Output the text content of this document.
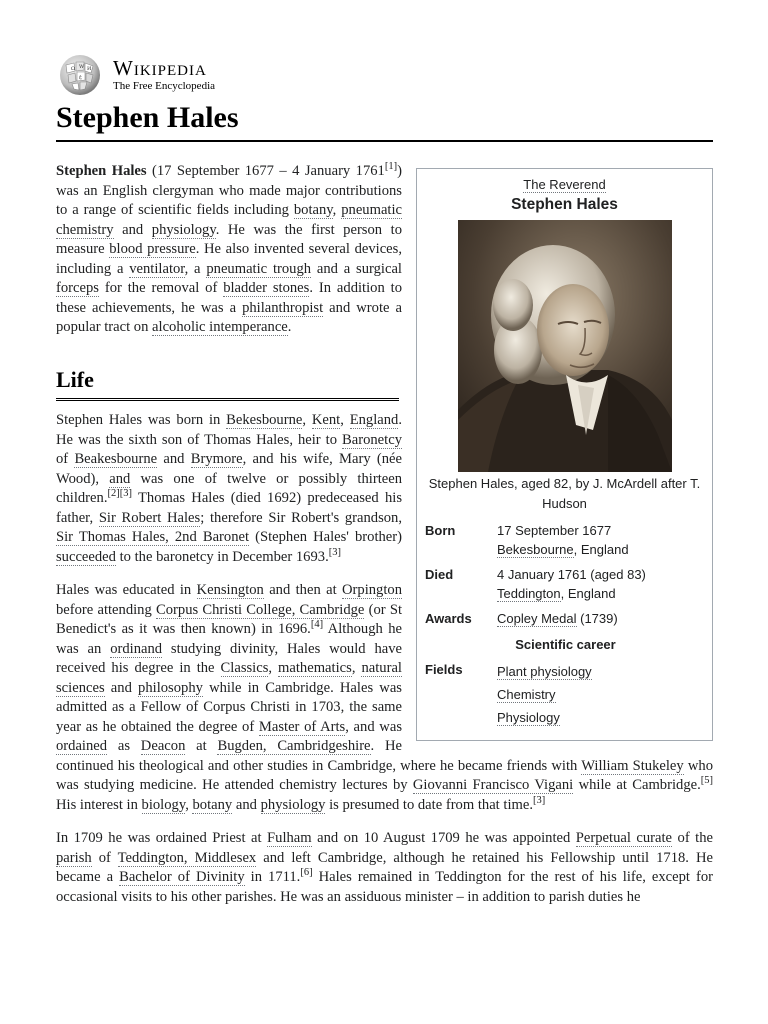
Ω W И
ع Wikipedia
The Free Encyclopedia
Stephen Hales
The Reverend
Stephen Hales
Stephen Hales, aged 82, by J. McArdell after T. Hudson
Born	17 September 1677
Bekesbourne, England

Died	4 January 1761 (aged 83)
Teddington, England

Awards	Copley Medal (1739)
Scientific career	
Fields	Plant physiology
Chemistry
Physiology

Stephen Hales (17 September 1677 – 4 January 1761[1]) was an English clergyman who made major contributions to a range of scientific fields including botany, pneumatic chemistry and physiology. He was the first person to measure blood pressure. He also invented several devices, including a ventilator, a pneumatic trough and a surgical forceps for the removal of bladder stones. In addition to these achievements, he was a philanthropist and wrote a popular tract on alcoholic intemperance.

Life

Stephen Hales was born in Bekesbourne, Kent, England. He was the sixth son of Thomas Hales, heir to Baronetcy of Beakesbourne and Brymore, and his wife, Mary (née Wood), and was one of twelve or possibly thirteen children.[2][3] Thomas Hales (died 1692) predeceased his father, Sir Robert Hales; therefore Sir Robert's grandson, Sir Thomas Hales, 2nd Baronet (Stephen Hales' brother) succeeded to the baronetcy in December 1693.[3]

Hales was educated in Kensington and then at Orpington before attending Corpus Christi College, Cambridge (or St Benedict's as it was then known) in 1696.[4] Although he was an ordinand studying divinity, Hales would have received his degree in the Classics, mathematics, natural sciences and philosophy while in Cambridge. Hales was admitted as a Fellow of Corpus Christi in 1703, the same year as he obtained the degree of Master of Arts, and was ordained as Deacon at Bugden, Cambridgeshire. He continued his theological and other studies in Cambridge, where he became friends with William Stukeley who was studying medicine. He attended chemistry lectures by Giovanni Francisco Vigani while at Cambridge.[5] His interest in biology, botany and physiology is presumed to date from that time.[3]

In 1709 he was ordained Priest at Fulham and on 10 August 1709 he was appointed Perpetual curate of the parish of Teddington, Middlesex and left Cambridge, although he retained his Fellowship until 1718. He became a Bachelor of Divinity in 1711.[6] Hales remained in Teddington for the rest of his life, except for occasional visits to his other parishes. He was an assiduous minister – in addition to parish duties he
